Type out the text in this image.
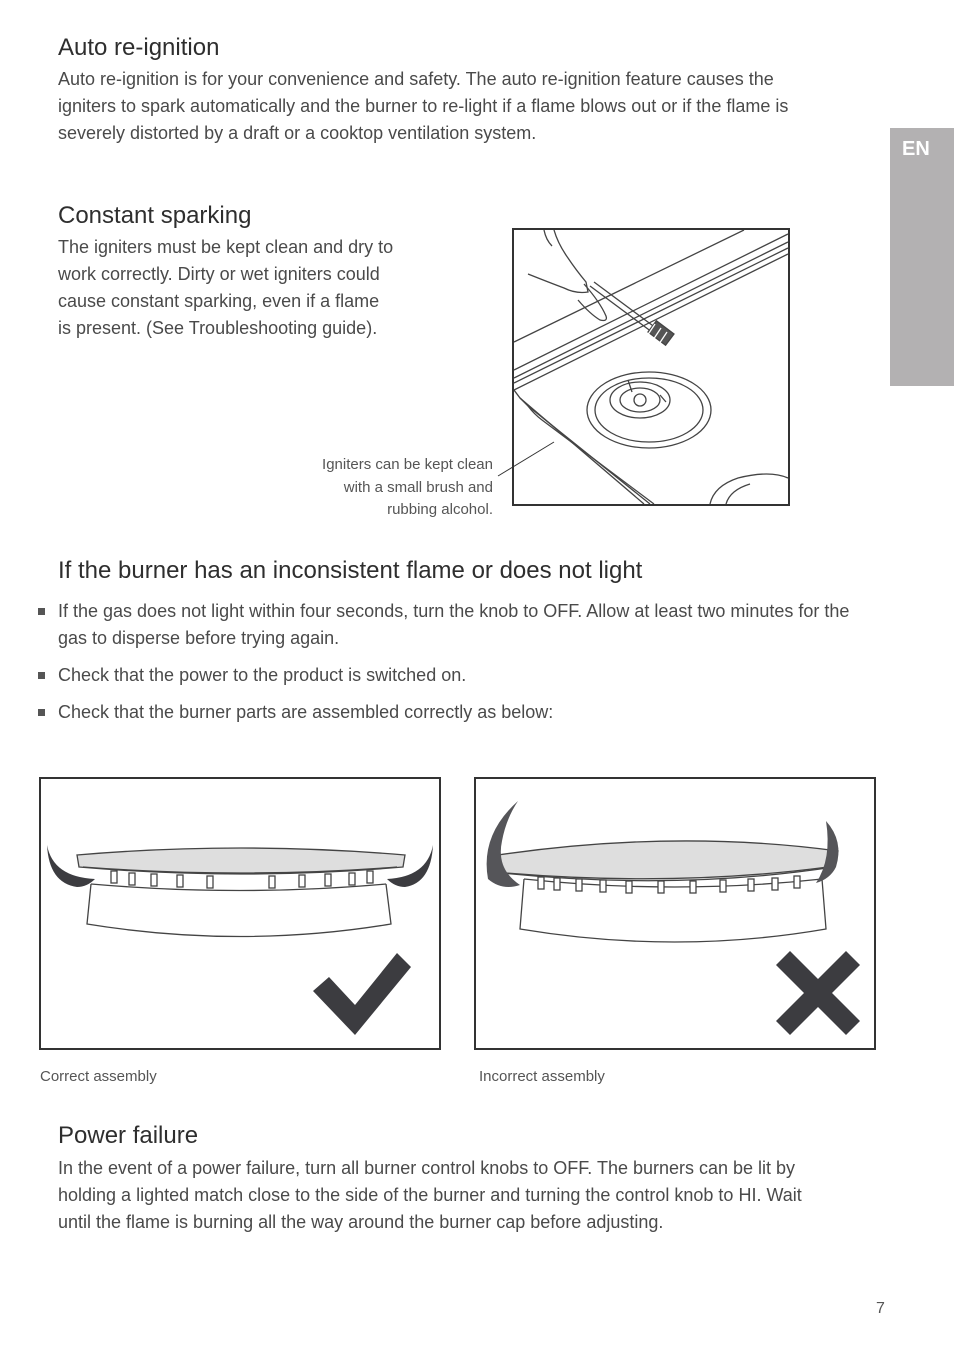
EN
Auto re-ignition
Auto re-ignition is for your convenience and safety. The auto re-ignition feature causes the
igniters to spark automatically and the burner to re-light if a flame blows out or if the flame is
severely distorted by a draft or a cooktop ventilation system.
Constant sparking
The igniters must be kept clean and dry to
work correctly. Dirty or wet igniters could
cause constant sparking, even if a flame
is present. (See Troubleshooting guide).
Igniters can be kept clean
with a small brush and
rubbing alcohol.
If the burner has an inconsistent flame or does not light
If the gas does not light within four seconds, turn the knob to OFF. Allow at least two minutes for the gas to disperse before trying again.
Check that the power to the product is switched on.
Check that the burner parts are assembled correctly as below:
Correct assembly	Incorrect assembly
Power failure
In the event of a power failure, turn all burner control knobs to OFF. The burners can be lit by
holding a lighted match close to the side of the burner and turning the control knob to HI. Wait
until the flame is burning all the way around the burner cap before adjusting.
7
